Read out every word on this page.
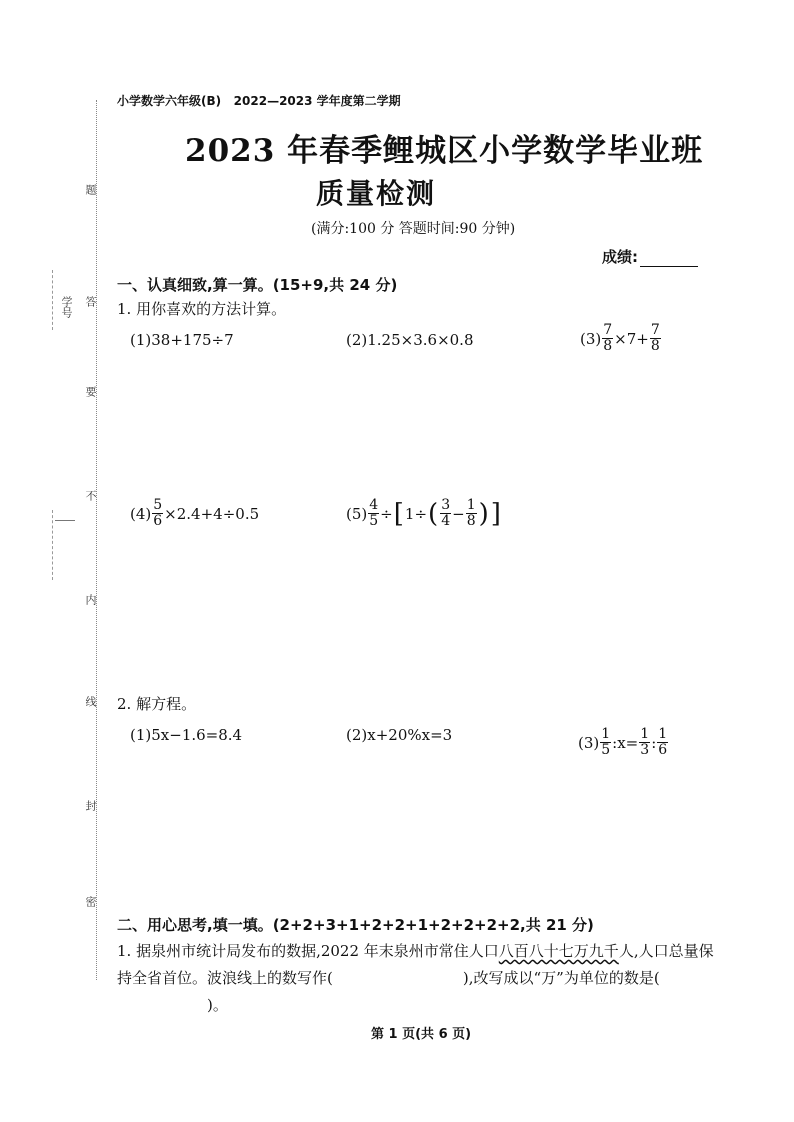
学号
题
答
要
不
内
线
封
密
小学数学六年级(B) 2022—2023 学年度第二学期
2023 年春季鲤城区小学数学毕业班
质量检测
(满分:100 分 答题时间:90 分钟)
成绩:
一、认真细致,算一算。(15+9,共 24 分)
1. 用你喜欢的方法计算。
(1)38+175÷7	(2)1.25×3.6×0.8	$(3) \frac{7}{8} \times 7+ \frac{7}{8}$
$(4) \frac{5}{6} \times 2.4+4\div 0.5$	$(5) \frac{4}{5}$ ÷ [ 1÷ ( $\frac{3}{4} - \frac{1}{8}$ ) ]
2. 解方程。
(1)5x−1.6=8.4	(2)x+20%x=3	$(3) \frac{1}{5}$ :x= $\frac{1}{3}$ : $\frac{1}{6}$
二、用心思考,填一填。(2+2+3+1+2+2+1+2+2+2+2,共 21 分)
1. 据泉州市统计局发布的数据,2022 年末泉州市常住人口八百八十七万九千人,人口总量保持全省首位。波浪线上的数写作(	),改写成以“万”为单位的数是()。
第 1 页(共 6 页)
